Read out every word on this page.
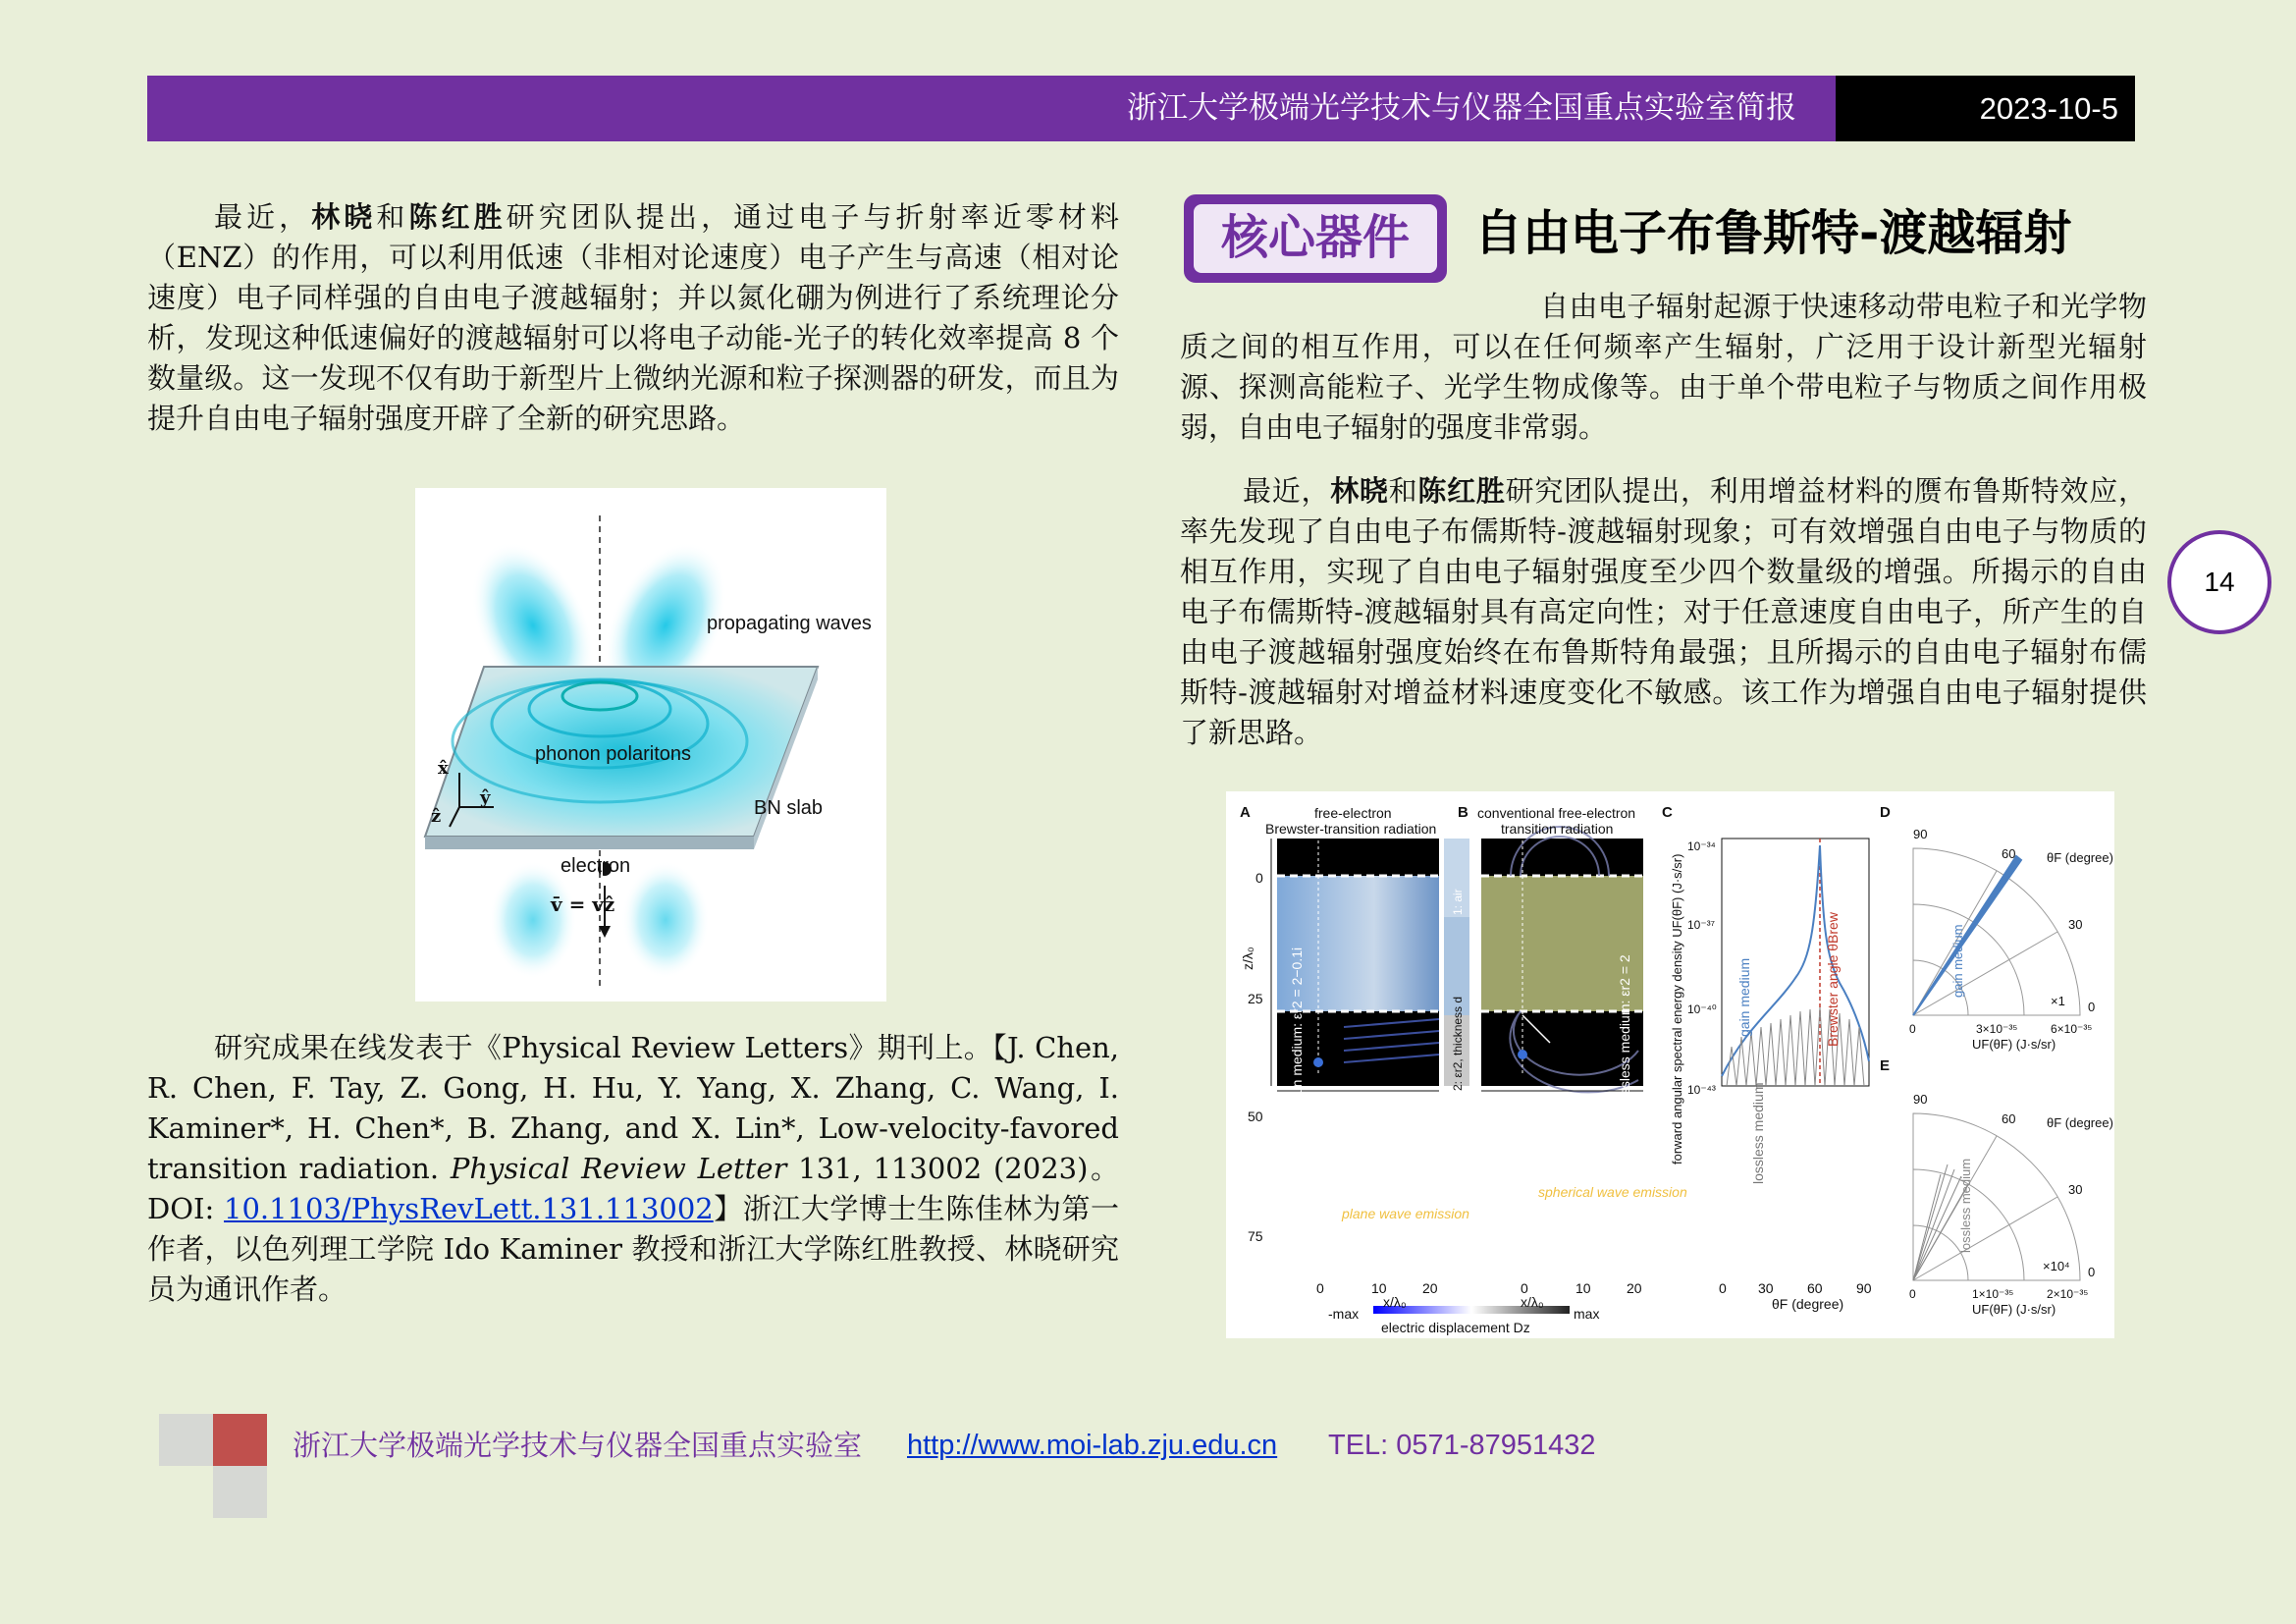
浙江大学极端光学技术与仪器全国重点实验室简报	2023-10-5

最近，林晓和陈红胜研究团队提出，通过电子与折射率近零材料（ENZ）的作用，可以利用低速（非相对论速度）电子产生与高速（相对论速度）电子同样强的自由电子渡越辐射；并以氮化硼为例进行了系统理论分析，发现这种低速偏好的渡越辐射可以将电子动能-光子的转化效率提高 8 个数量级。这一发现不仅有助于新型片上微纳光源和粒子探测器的研发，而且为提升自由电子辐射强度开辟了全新的研究思路。

propagating waves
phonon polaritons
BN slab
electron
v̄ = vẑ
x̂
ẑ
ŷ

研究成果在线发表于《Physical Review Letters》期刊上。【J. Chen, R. Chen, F. Tay, Z. Gong, H. Hu, Y. Yang, X. Zhang, C. Wang, I. Kaminer*, H. Chen*, B. Zhang, and X. Lin*, Low-velocity-favored transition radiation. Physical Review Letter 131, 113002 (2023)。 DOI: 10.1103/PhysRevLett.131.113002】浙江大学博士生陈佳林为第一作者，以色列理工学院 Ido Kaminer 教授和浙江大学陈红胜教授、林晓研究员为通讯作者。

核心器件	自由电子布鲁斯特-渡越辐射

自由电子辐射起源于快速移动带电粒子和光学物质之间的相互作用，可以在任何频率产生辐射，广泛用于设计新型光辐射源、探测高能粒子、光学生物成像等。由于单个带电粒子与物质之间作用极弱，自由电子辐射的强度非常弱。

最近，林晓和陈红胜研究团队提出，利用增益材料的赝布鲁斯特效应，率先发现了自由电子布儒斯特-渡越辐射现象；可有效增强自由电子与物质的相互作用，实现了自由电子辐射强度至少四个数量级的增强。所揭示的自由电子布儒斯特-渡越辐射具有高定向性；对于任意速度自由电子，所产生的自由电子渡越辐射强度始终在布鲁斯特角最强；且所揭示的自由电子辐射布儒斯特-渡越辐射对增益材料速度变化不敏感。该工作为增强自由电子辐射提供了新思路。

14
A	B	C	D
E
free-electron
Brewster-transition radiation
conventional free-electron
transition radiation
z/λ₀
0
25
50
75
gain medium: εr2 = 2−0.1i	lossless medium: εr2 = 2
1: air
2: εr2, thickness d
3: air
plane wave emission
spherical wave emission
v=0.5c
electron
θF
k
×1	×10
0	10	20	0	10	20
x/λ₀	x/λ₀
-max	max
electric displacement Dz
forward angular spectral energy density UF(θF) (J·s/sr)
10⁻³⁴
10⁻³⁷
10⁻⁴⁰
10⁻⁴³
0 30 60 90
θF (degree)
gain medium
lossless medium
Brewster angle θBrew
90
60
30
0
θF (degree)
×1
0	3×10⁻³⁵	6×10⁻³⁵
UF(θF) (J·s/sr)
gain medium
90
60
30
0
θF (degree)
×10⁴
0	1×10⁻³⁵	2×10⁻³⁵
UF(θF) (J·s/sr)
lossless medium
浙江大学极端光学技术与仪器全国重点实验室 http://www.moi-lab.zju.edu.cn TEL: 0571-87951432
